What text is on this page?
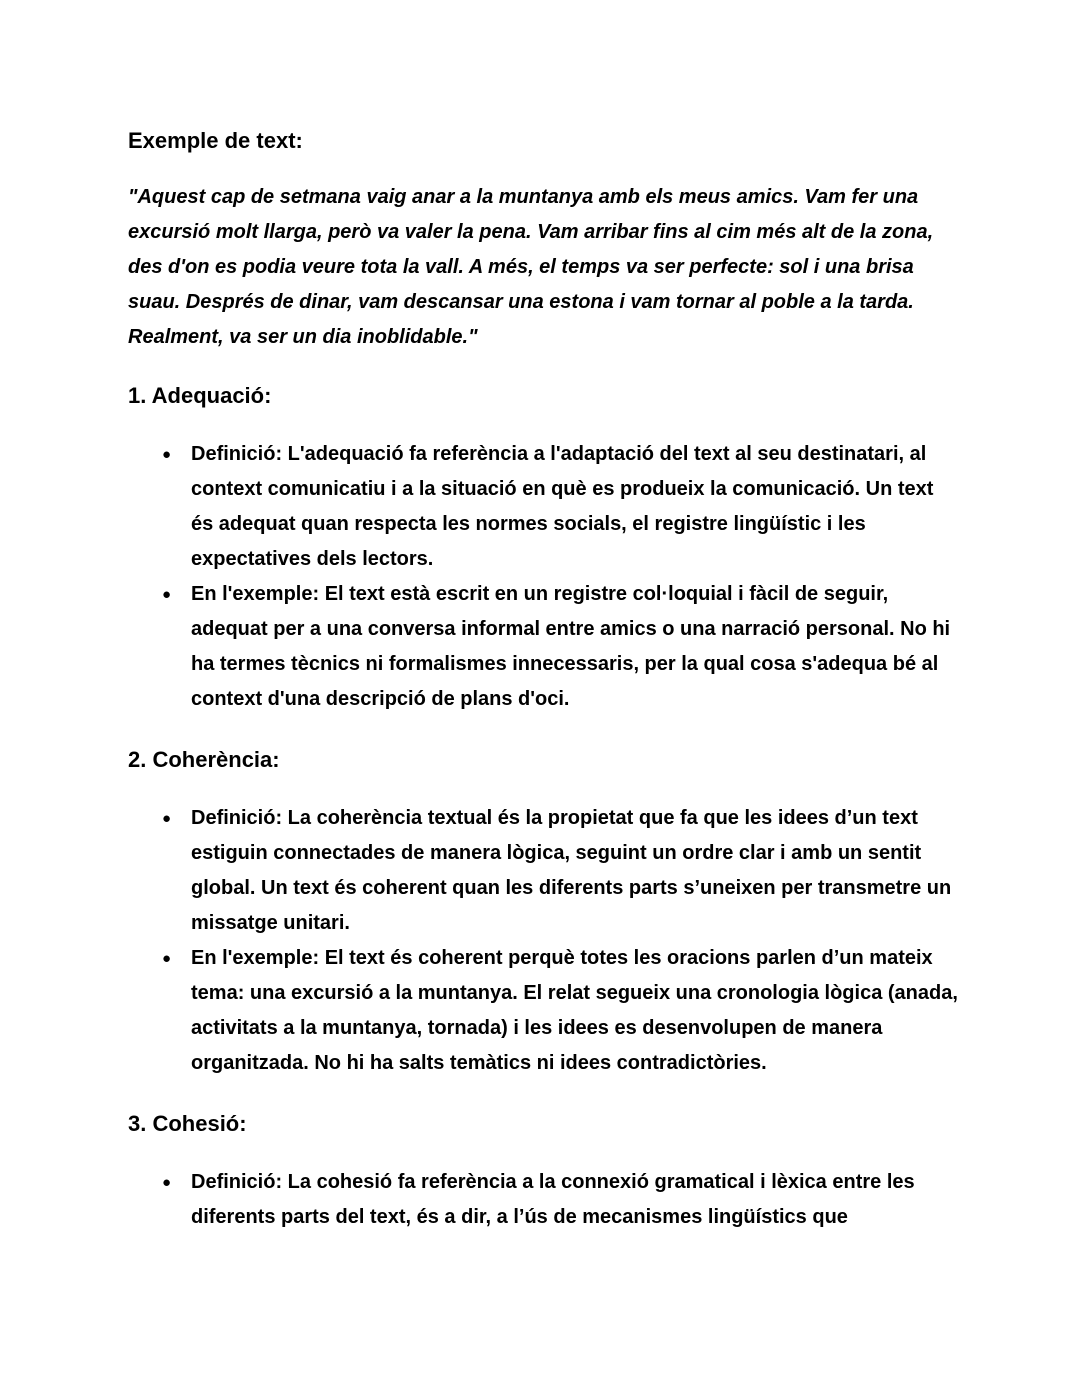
Exemple de text:

"Aquest cap de setmana vaig anar a la muntanya amb els meus amics. Vam fer una excursió molt llarga, però va valer la pena. Vam arribar fins al cim més alt de la zona, des d'on es podia veure tota la vall. A més, el temps va ser perfecte: sol i una brisa suau. Després de dinar, vam descansar una estona i vam tornar al poble a la tarda. Realment, va ser un dia inoblidable."

1. Adequació:
● Definició: L'adequació fa referència a l'adaptació del text al seu destinatari, al context comunicatiu i a la situació en què es produeix la comunicació. Un text és adequat quan respecta les normes socials, el registre lingüístic i les expectatives dels lectors.
● En l'exemple: El text està escrit en un registre col·loquial i fàcil de seguir, adequat per a una conversa informal entre amics o una narració personal. No hi ha termes tècnics ni formalismes innecessaris, per la qual cosa s'adequa bé al context d'una descripció de plans d'oci.
2. Coherència:
● Definició: La coherència textual és la propietat que fa que les idees d’un text estiguin connectades de manera lògica, seguint un ordre clar i amb un sentit global. Un text és coherent quan les diferents parts s’uneixen per transmetre un missatge unitari.
● En l'exemple: El text és coherent perquè totes les oracions parlen d’un mateix tema: una excursió a la muntanya. El relat segueix una cronologia lògica (anada, activitats a la muntanya, tornada) i les idees es desenvolupen de manera organitzada. No hi ha salts temàtics ni idees contradictòries.
3. Cohesió:
● Definició: La cohesió fa referència a la connexió gramatical i lèxica entre les diferents parts del text, és a dir, a l’ús de mecanismes lingüístics que
